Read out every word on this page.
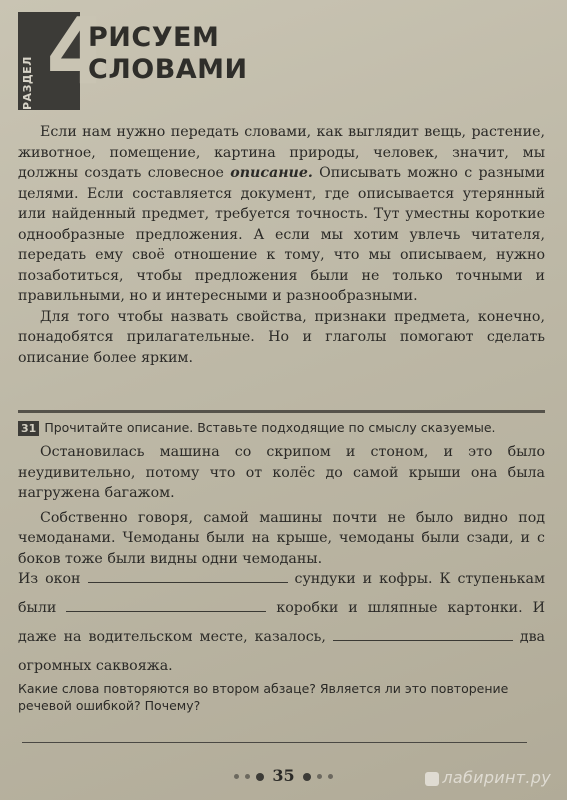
РАЗДЕЛ 4
РИСУЕМ
СЛОВАМИ

Если нам нужно передать словами, как выглядит вещь, растение, животное, помещение, картина природы, человек, значит, мы должны создать словесное описание. Описывать можно с разными целями. Если составляется документ, где описывается утерянный или найденный предмет, требуется точность. Тут уместны короткие однообразные предложения. А если мы хотим увлечь читателя, передать ему своё отношение к тому, что мы описываем, нужно позаботиться, чтобы предложения были не только точными и правильными, но и интересными и разнообразными.

Для того чтобы назвать свойства, признаки предмета, конечно, понадобятся прилагательные. Но и глаголы помогают сделать описание более ярким.

31 Прочитайте описание. Вставьте подходящие по смыслу сказуемые.

Остановилась машина со скрипом и стоном, и это было неудивительно, потому что от колёс до самой крыши она была нагружена багажом.

Собственно говоря, самой машины почти не было видно под чемоданами. Чемоданы были на крыше, чемоданы были сзади, и с боков тоже были видны одни чемоданы.

Из окон	сундуки и кофры. К ступенькам были	коробки и шляпные картонки. И даже на водительском месте, казалось,	два огромных саквояжа.

Какие слова повторяются во втором абзаце? Является ли это повторение речевой ошибкой? Почему?
35	лабиринт.ру
